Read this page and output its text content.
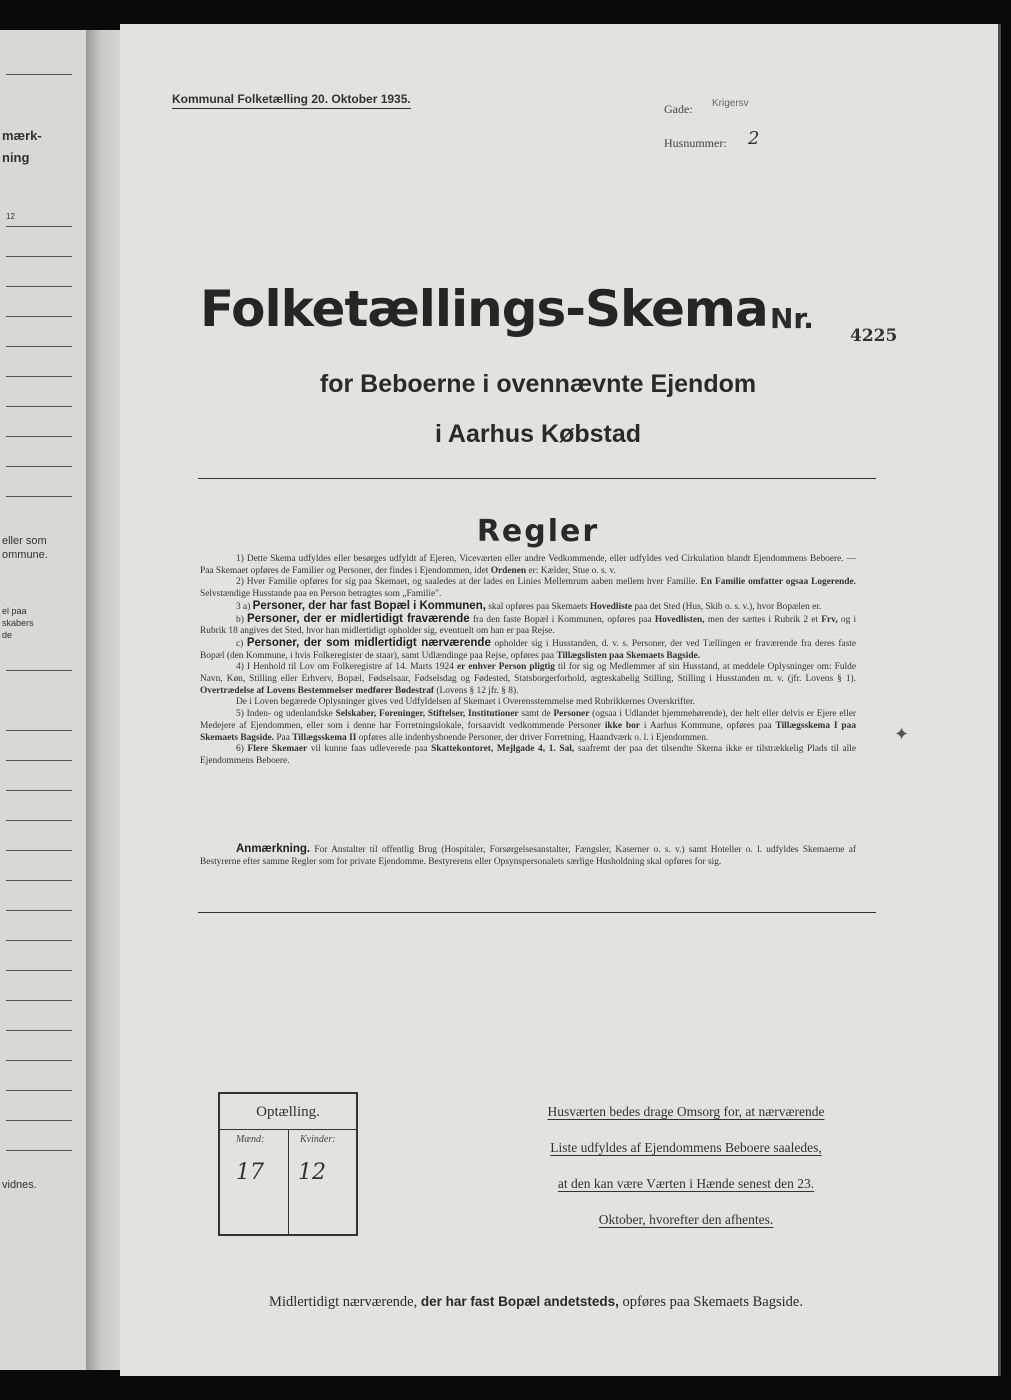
mærk-
ning
12
eller som
ommune.
el paa
skabers
de
vidnes.
Kommunal Folketælling 20. Oktober 1935.
Gade: Krigersv
Husnummer: 2
Folketællings-Skema Nr.
4225
for Beboerne i ovennævnte Ejendom
i Aarhus Købstad
Regler

1) Dette Skema udfyldes eller besørges udfyldt af Ejeren, Viceværten eller andre Vedkommende, eller udfyldes ved Cirkulation blandt Ejendommens Beboere. — Paa Skemaet opføres de Familier og Personer, der findes i Ejendommen, idet Ordenen er: Kælder, Stue o. s. v.

2) Hver Familie opføres for sig paa Skemaet, og saaledes at der lades en Linies Mellemrum aaben mellem hver Familie. En Familie omfatter ogsaa Logerende. Selvstændige Husstande paa en Person betragtes som „Familie".

3 a) Personer, der har fast Bopæl i Kommunen, skal opføres paa Skemaets Hovedliste paa det Sted (Hus, Skib o. s. v.), hvor Bopælen er.

b) Personer, der er midlertidigt fraværende fra den faste Bopæl i Kommunen, opføres paa Hovedlisten, men der sættes i Rubrik 2 et Frv, og i Rubrik 18 angives det Sted, hvor han midlertidigt opholder sig, eventuelt om han er paa Rejse.

c) Personer, der som midlertidigt nærværende opholder sig i Husstanden, d. v. s. Personer, der ved Tællingen er fraværende fra deres faste Bopæl (den Kommune, i hvis Folkeregister de staar), samt Udlændinge paa Rejse, opføres paa Tillægslisten paa Skemaets Bagside.

4) I Henhold til Lov om Folkeregistre af 14. Marts 1924 er enhver Person pligtig til for sig og Medlemmer af sin Husstand, at meddele Oplysninger om: Fulde Navn, Køn, Stilling eller Erhverv, Bopæl, Fødselsaar, Fødselsdag og Fødested, Statsborgerforhold, ægteskabelig Stilling, Stilling i Husstanden m. v. (jfr. Lovens § 1). Overtrædelse af Lovens Bestemmelser medfører Bødestraf (Lovens § 12 jfr. § 8).

De i Loven begærede Oplysninger gives ved Udfyldelsen af Skemaet i Overensstemmelse med Rubrikkernes Overskrifter.

5) Inden- og udenlandske Selskaber, Foreninger, Stiftelser, Institutioner samt de Personer (ogsaa i Udlandet hjemmehørende), der helt eller delvis er Ejere eller Medejere af Ejendommen, eller som i denne har Forretningslokale, forsaavidt vedkommende Personer ikke bor i Aarhus Kommune, opføres paa Tillægsskema I paa Skemaets Bagside. Paa Tillægsskema II opføres alle indenbysboende Personer, der driver Forretning, Haandværk o. l. i Ejendommen.

6) Flere Skemaer vil kunne faas udleverede paa Skattekontoret, Mejlgade 4, 1. Sal, saafremt der paa det tilsendte Skema ikke er tilstrækkelig Plads til alle Ejendommens Beboere.

Anmærkning. For Anstalter til offentlig Brug (Hospitaler, Forsørgelsesanstalter, Fængsler, Kaserner o. s. v.) samt Hoteller o. l. udfyldes Skemaerne af Bestyrerne efter samme Regler som for private Ejendomme. Bestyrerens eller Opsynspersonalets særlige Husholdning skal opføres for sig.

✦
Optælling.
Mænd:	Kvinder:
17 12
Husværten bedes drage Omsorg for, at nærværende
Liste udfyldes af Ejendommens Beboere saaledes,
at den kan være Værten i Hænde senest den 23.
Oktober, hvorefter den afhentes.
Midlertidigt nærværende, der har fast Bopæl andetsteds, opføres paa Skemaets Bagside.
